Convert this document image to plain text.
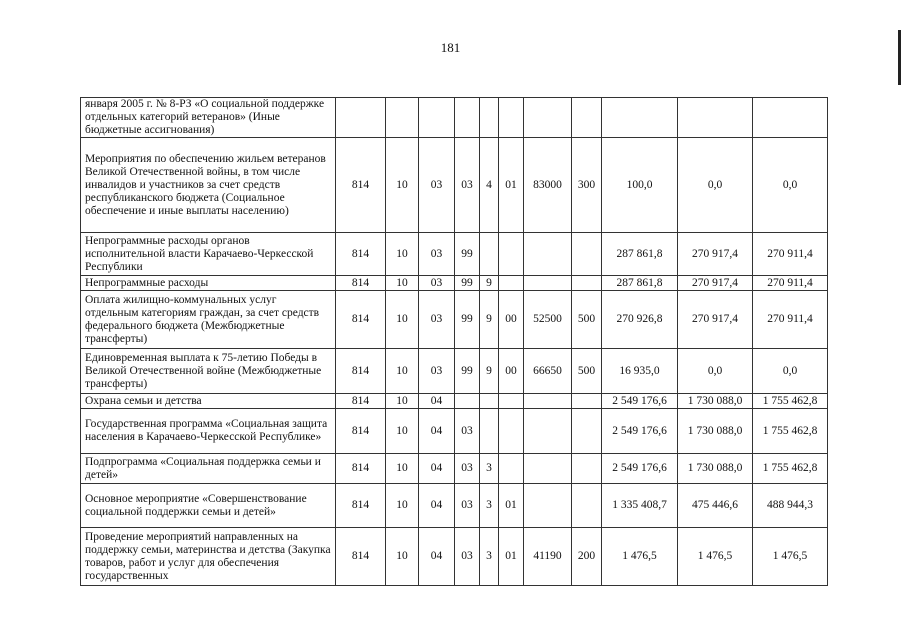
181
января 2005 г. № 8-РЗ «О социальной поддержке отдельных категорий ветеранов» (Иные бюджетные ассигнования)											
Мероприятия по обеспечению жильем ветеранов Великой Отечественной войны, в том числе инвалидов и участников за счет средств республиканского бюджета (Социальное обеспечение и иные выплаты населению)	814	10	03	03	4	01	83000	300	100,0	0,0	0,0
Непрограммные расходы органов исполнительной власти Карачаево-Черкесской Республики	814	10	03	99					287 861,8	270 917,4	270 911,4
Непрограммные расходы	814	10	03	99	9				287 861,8	270 917,4	270 911,4
Оплата жилищно-коммунальных услуг отдельным категориям граждан, за счет средств федерального бюджета (Межбюджетные трансферты)	814	10	03	99	9	00	52500	500	270 926,8	270 917,4	270 911,4
Единовременная выплата к 75-летию Победы в Великой Отечественной войне (Межбюджетные трансферты)	814	10	03	99	9	00	66650	500	16 935,0	0,0	0,0
Охрана семьи и детства	814	10	04						2 549 176,6	1 730 088,0	1 755 462,8
Государственная программа «Социальная защита населения в Карачаево-Черкесской Республике»	814	10	04	03					2 549 176,6	1 730 088,0	1 755 462,8
Подпрограмма «Социальная поддержка семьи и детей»	814	10	04	03	3				2 549 176,6	1 730 088,0	1 755 462,8
Основное мероприятие «Совершенствование социальной поддержки семьи и детей»	814	10	04	03	3	01			1 335 408,7	475 446,6	488 944,3
Проведение мероприятий направленных на поддержку семьи, материнства и детства (Закупка товаров, работ и услуг для обеспечения государственных	814	10	04	03	3	01	41190	200	1 476,5	1 476,5	1 476,5
